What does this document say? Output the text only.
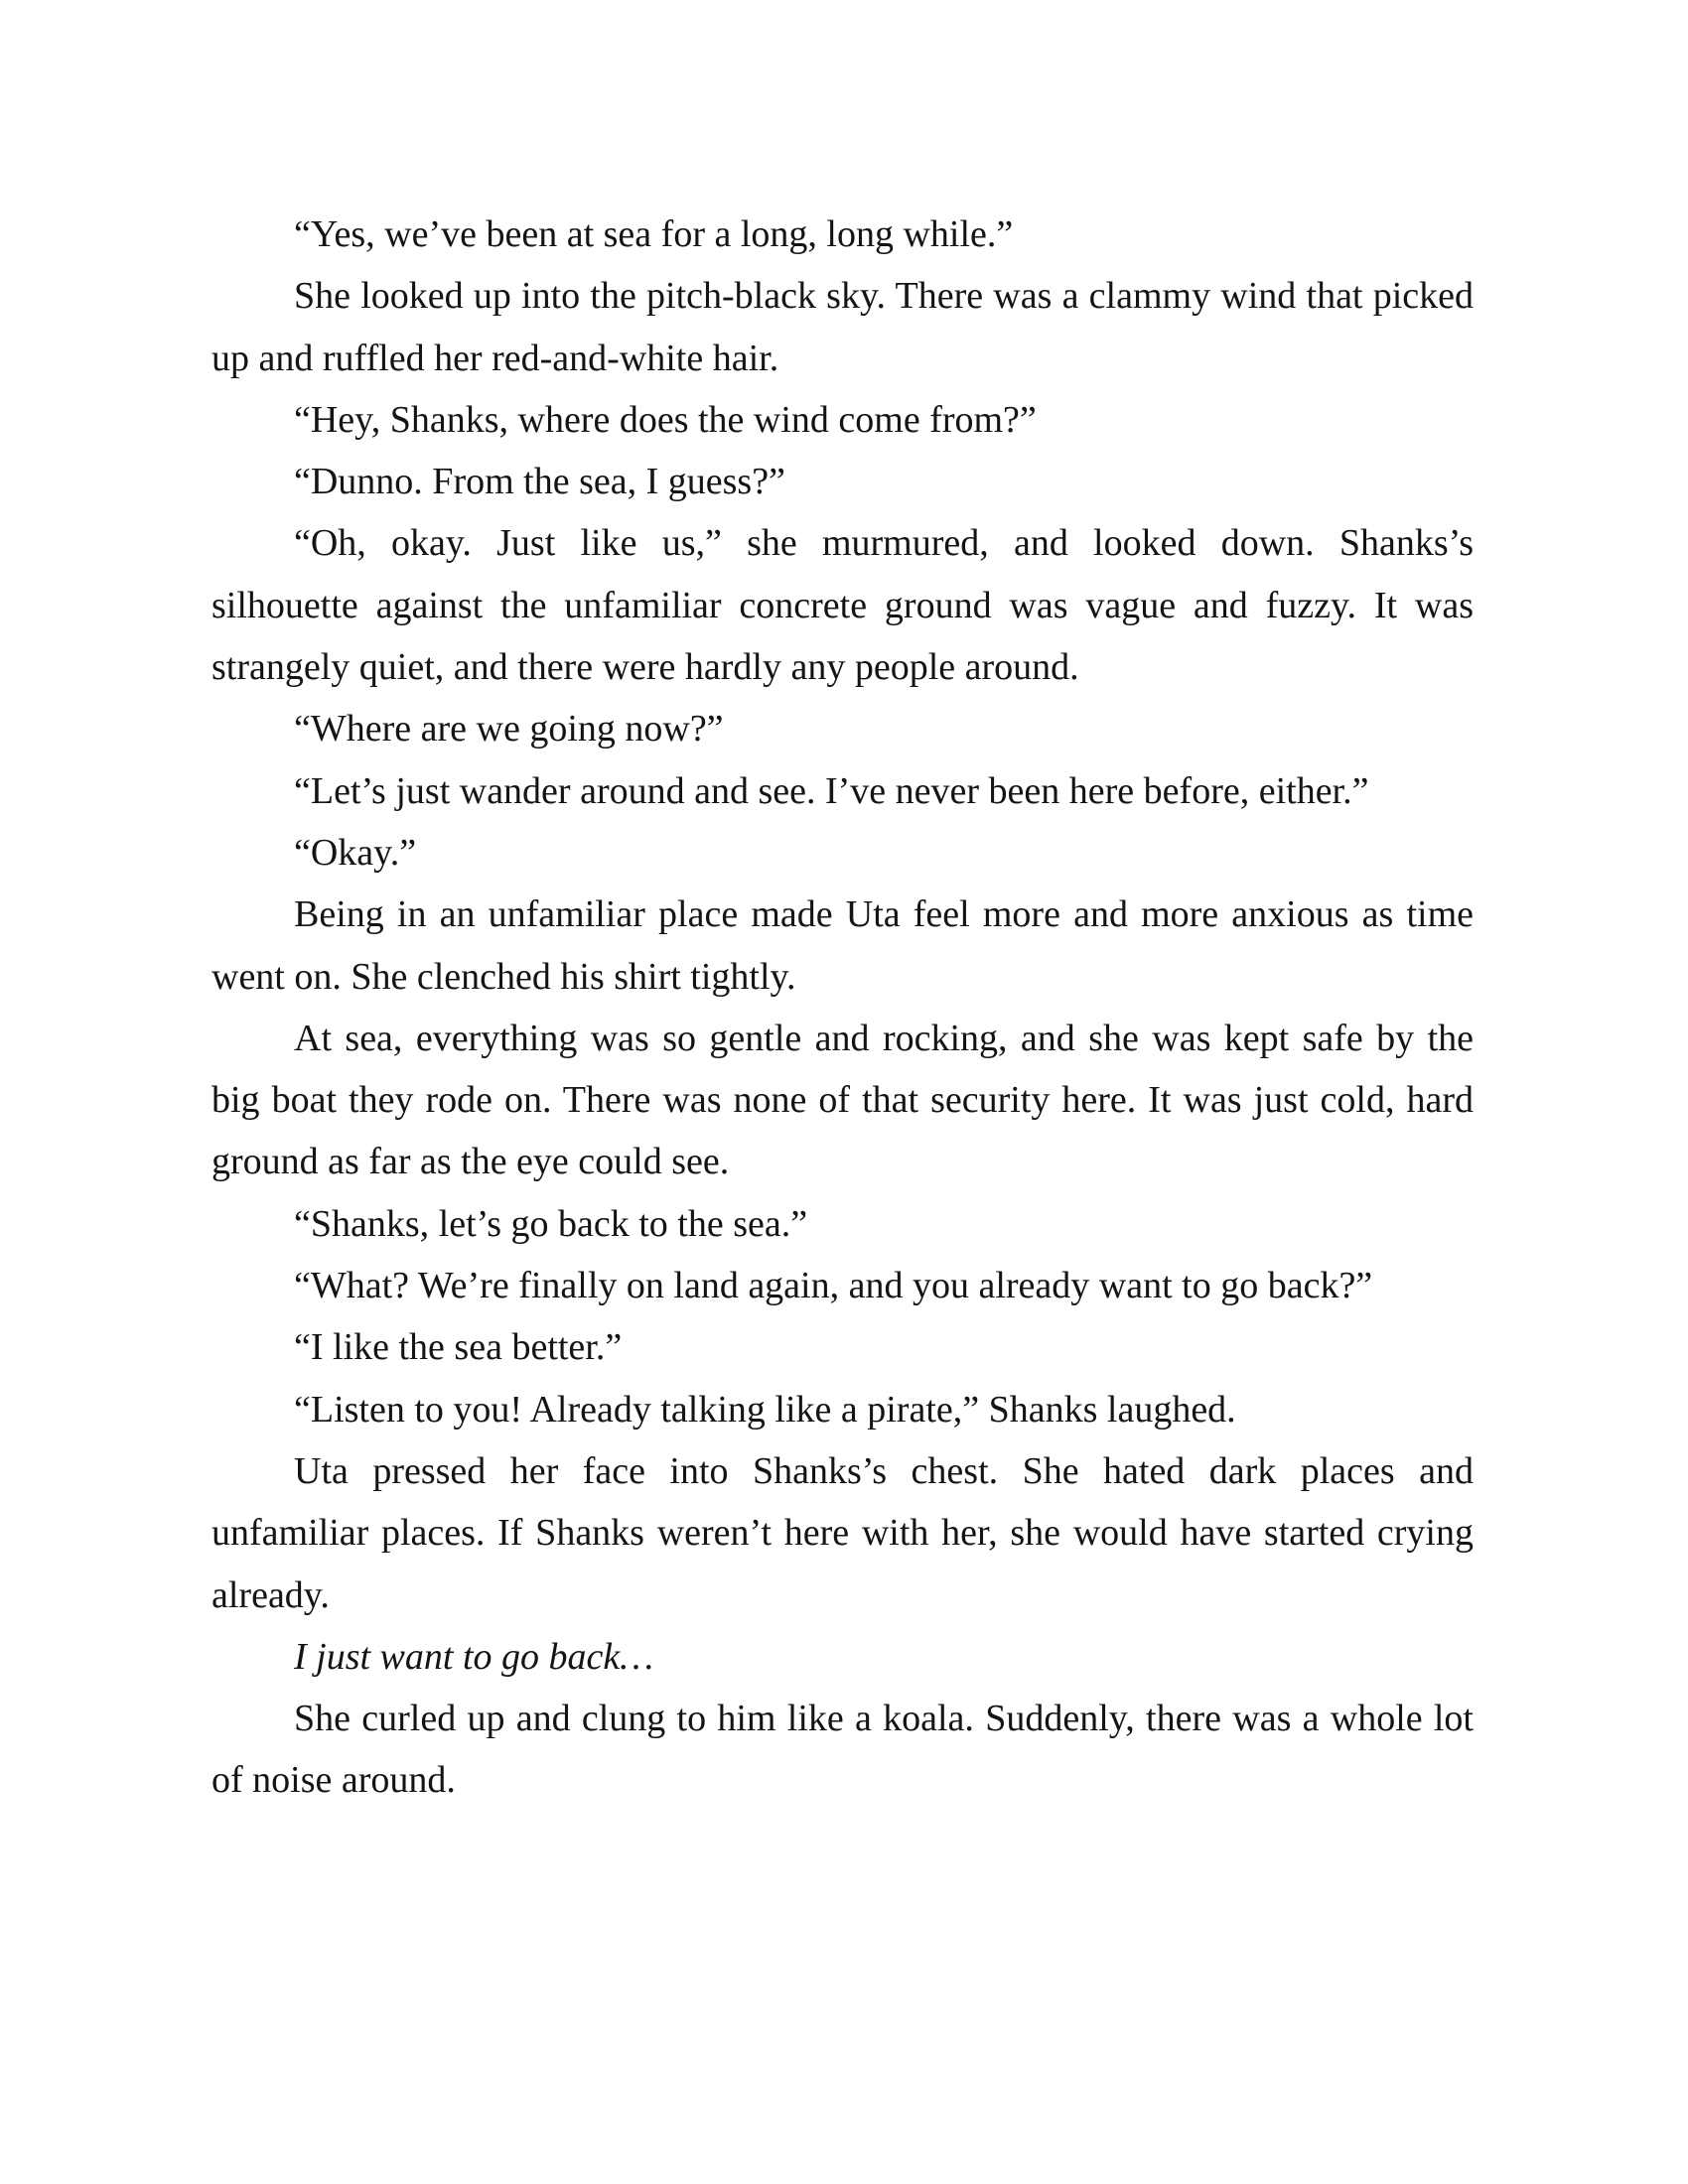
“Yes, we’ve been at sea for a long, long while.”

She looked up into the pitch-black sky. There was a clammy wind that picked up and ruffled her red-and-white hair.

“Hey, Shanks, where does the wind come from?”

“Dunno. From the sea, I guess?”

“Oh, okay. Just like us,” she murmured, and looked down. Shanks’s silhouette against the unfamiliar concrete ground was vague and fuzzy. It was strangely quiet, and there were hardly any people around.

“Where are we going now?”

“Let’s just wander around and see. I’ve never been here before, either.”

“Okay.”

Being in an unfamiliar place made Uta feel more and more anxious as time went on. She clenched his shirt tightly.

At sea, everything was so gentle and rocking, and she was kept safe by the big boat they rode on. There was none of that security here. It was just cold, hard ground as far as the eye could see.

“Shanks, let’s go back to the sea.”

“What? We’re finally on land again, and you already want to go back?”

“I like the sea better.”

“Listen to you! Already talking like a pirate,” Shanks laughed.

Uta pressed her face into Shanks’s chest. She hated dark places and unfamiliar places. If Shanks weren’t here with her, she would have started crying already.

I just want to go back…

She curled up and clung to him like a koala. Suddenly, there was a whole lot of noise around.
